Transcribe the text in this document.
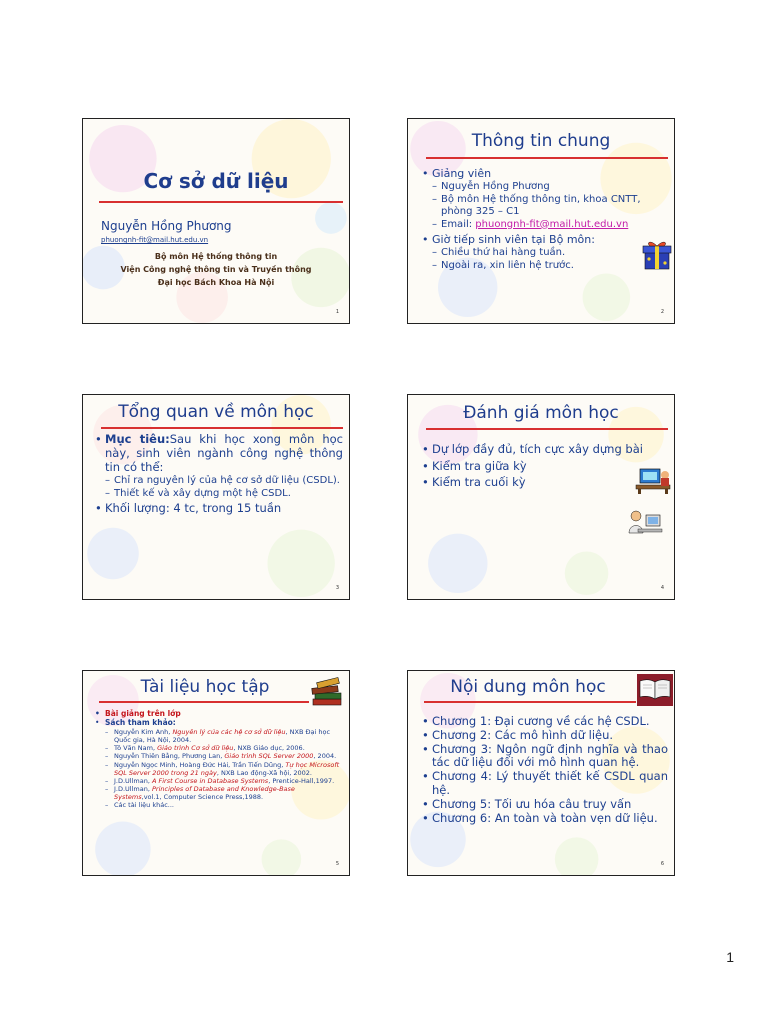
Cơ sở dữ liệu
Nguyễn Hồng Phương
phuongnh-fit@mail.hut.edu.vn
Bộ môn Hệ thống thông tin
Viện Công nghệ thông tin và Truyền thông
Đại học Bách Khoa Hà Nội
1
Thông tin chung
• Giảng viên
– Nguyễn Hồng Phương
– Bộ môn Hệ thống thông tin, khoa CNTT, phòng 325 – C1
– Email: phuongnh-fit@mail.hut.edu.vn
• Giờ tiếp sinh viên tại Bộ môn:
– Chiều thứ hai hàng tuần.
– Ngoài ra, xin liên hệ trước.
2
Tổng quan về môn học
• Mục tiêu:Sau khi học xong môn học này, sinh viên ngành công nghệ thông tin có thể:
– Chỉ ra nguyên lý của hệ cơ sở dữ liệu (CSDL).
– Thiết kế và xây dựng một hệ CSDL.
• Khối lượng: 4 tc, trong 15 tuần
3
Đánh giá môn học
• Dự lớp đầy đủ, tích cực xây dựng bài
• Kiểm tra giữa kỳ
• Kiểm tra cuối kỳ
4
Tài liệu học tập
• Bài giảng trên lớp
• Sách tham khảo:
– Nguyễn Kim Anh, Nguyên lý của các hệ cơ sở dữ liệu, NXB Đại học Quốc gia, Hà Nội, 2004.
– Tô Văn Nam, Giáo trình Cơ sở dữ liệu, NXB Giáo dục, 2006.
– Nguyễn Thiên Bằng, Phương Lan, Giáo trình SQL Server 2000, 2004.
– Nguyễn Ngọc Minh, Hoàng Đức Hải, Trần Tiến Dũng, Tự học Microsoft SQL Server 2000 trong 21 ngày, NXB Lao động-Xã hội, 2002.
– J.D.Ullman, A First Course in Database Systems, Prentice-Hall,1997.
– J.D.Ullman, Principles of Database and Knowledge-Base Systems,vol.1, Computer Science Press,1988.
– Các tài liệu khác...
5
Nội dung môn học
• Chương 1: Đại cương về các hệ CSDL.
• Chương 2: Các mô hình dữ liệu.
• Chương 3: Ngôn ngữ định nghĩa và thao tác dữ liệu đối với mô hình quan hệ.
• Chương 4: Lý thuyết thiết kế CSDL quan hệ.
• Chương 5: Tối ưu hóa câu truy vấn
• Chương 6: An toàn và toàn vẹn dữ liệu.
6
1
